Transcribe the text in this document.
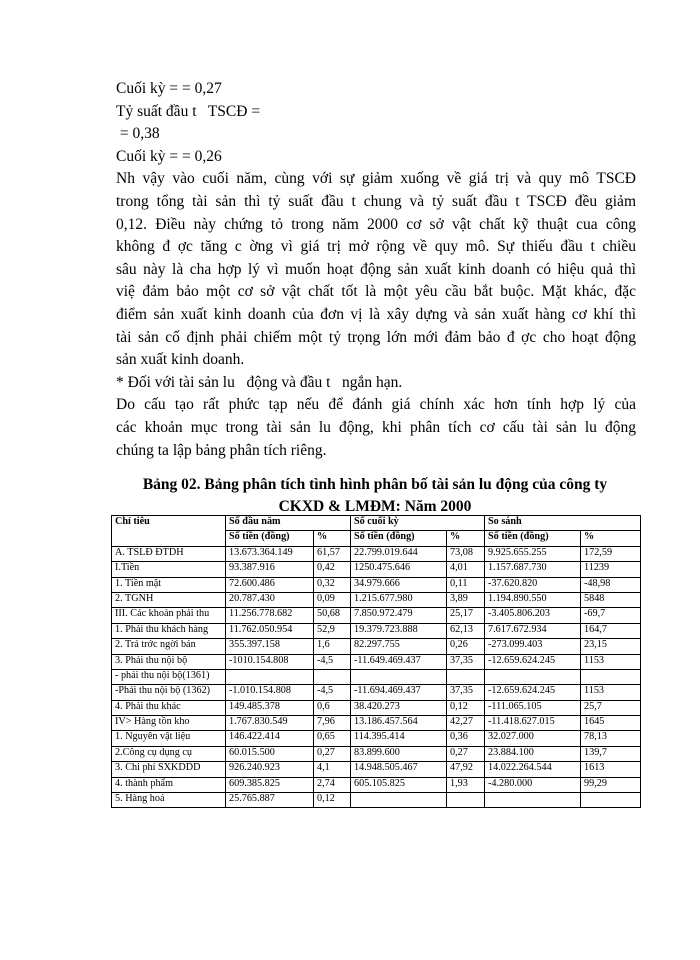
Cuối kỳ = = 0,27
Tỷ suất đầu t   TSCĐ =
= 0,38
Cuối kỳ = = 0,26
Nh vậy vào cuối năm, cùng với sự giảm xuống về giá trị và quy mô TSCĐ
trong tổng tài sản thì tỷ suất đầu t chung và tỷ suất đầu t TSCĐ đều giảm
0,12. Điều này chứng tỏ trong năm 2000 cơ sở vật chất kỹ thuật cua công
không đ ợc tăng c ờng vì giá trị mở rộng về quy mô. Sự thiếu đầu t chiều
sâu này là cha hợp lý vì muốn hoạt động sản xuất kinh doanh có hiệu quả thì
việ đảm bảo một cơ sở vật chất tốt là một yêu cầu bắt buộc. Mặt khác, đặc
điểm sản xuất kinh doanh của đơn vị là xây dựng và sản xuất hàng cơ khí thì
tài sản cố định phải chiếm một tỷ trọng lớn mới đảm bảo đ ợc cho hoạt động
sản xuất kinh doanh.
* Đối với tài sản lu   động và đầu t   ngắn hạn.
Do cấu tạo rất phức tạp nếu để đánh giá chính xác hơn tính hợp lý của
các khoản mục trong tài sản lu động, khi phân tích cơ cấu tài sản lu động
chúng ta lập bảng phân tích riêng.
Bảng 02. Bảng phân tích tình hình phân bố tài sản lu động của công ty
CKXD & LMĐM: Năm 2000
Chỉ tiêu	Số đầu năm		Số cuối kỳ		So sánh	
	Số tiền (đồng)	%	Số tiền (đồng)	%	Số tiền (đồng)	%
A. TSLĐ ĐTDH	13.673.364.149	61,57	22.799.019.644	73,08	9.925.655.255	172,59
I.Tiền	93.387.916	0,42	1250.475.646	4,01	1.157.687.730	11239
1. Tiền mặt	72.600.486	0,32	34.979.666	0,11	-37.620.820	-48,98
2. TGNH	20.787.430	0,09	1.215.677.980	3,89	1.194.890.550	5848
III. Các khoản phải thu	11.256.778.682	50,68	7.850.972.479	25,17	-3.405.806.203	-69,7
1. Phải thu khách hàng	11.762.050.954	52,9	19.379.723.888	62,13	7.617.672.934	164,7
2. Trả trớc ngời bán	355.397.158	1,6	82.297.755	0,26	-273.099.403	23,15
3. Phải thu nội bộ	-1010.154.808	-4,5	-11.649.469.437	37,35	-12.659.624.245	1153
- phải thu nội bộ(1361)						
-Phải thu nội bộ (1362)	-1.010.154.808	-4,5	-11.694.469.437	37,35	-12.659.624.245	1153
4. Phải thu khác	149.485.378	0,6	38.420.273	0,12	-111.065.105	25,7
IV> Hàng tồn kho	1.767.830.549	7,96	13.186.457.564	42,27	-11.418.627.015	1645
1. Nguyên vật liệu	146.422.414	0,65	114.395.414	0,36	32.027.000	78,13
2.Công cụ dụng cụ	60.015.500	0,27	83.899.600	0,27	23.884.100	139,7
3. Chi phí SXKDDD	926.240.923	4,1	14.948.505.467	47,92	14.022.264.544	1613
4. thành phẩm	609.385.825	2,74	605.105.825	1,93	-4.280.000	99,29
5. Hàng hoá	25.765.887	0,12				
